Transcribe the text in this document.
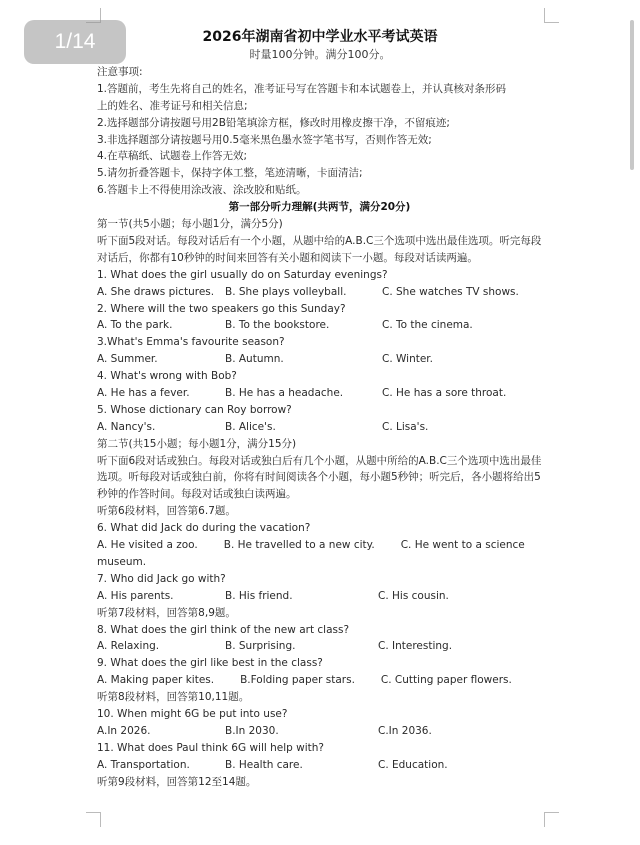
2026年湖南省初中学业水平考试英语
时量100分钟。满分100分。
注意事项:
1.答题前，考生先将自己的姓名，准考证号写在答题卡和本试题卷上，并认真核对条形码
上的姓名、准考证号和相关信息;
2.选择题部分请按题号用2B铅笔填涂方框，修改时用橡皮擦干净，不留痕迹;
3.非选择题部分请按题号用0.5毫米黑色墨水签字笔书写，否则作答无效;
4.在草稿纸、试题卷上作答无效;
5.请勿折叠答题卡，保持字体工整，笔迹清晰，卡面清洁;
6.答题卡上不得使用涂改液、涂改胶和贴纸。
第一部分听力理解(共两节，满分20分)
第一节(共5小题；每小题1分，满分5分)
听下面5段对话。每段对话后有一个小题，从题中给的A.B.C三个选项中选出最佳选项。听完每段对话后，你都有10秒钟的时间来回答有关小题和阅读下一小题。每段对话读两遍。
1. What does the girl usually do on Saturday evenings?
A. She draws pictures.	B. She plays volleyball.	C. She watches TV shows.
2. Where will the two speakers go this Sunday?
A. To the park.	B. To the bookstore.	C. To the cinema.
3.What's Emma's favourite season?
A. Summer.	B. Autumn.	C. Winter.
4. What's wrong with Bob?
A. He has a fever.	B. He has a headache.	C. He has a sore throat.
5. Whose dictionary can Roy borrow?
A. Nancy's.	B. Alice's.	C. Lisa's.
第二节(共15小题；每小题1分，满分15分)
听下面6段对话或独白。每段对话或独白后有几个小题，从题中所给的A.B.C三个选项中选出最佳选项。听每段对话或独白前，你将有时间阅读各个小题，每小题5秒钟；听完后，各小题将给出5秒钟的作答时间。每段对话或独白读两遍。
听第6段材料，回答第6.7题。
6. What did Jack do during the vacation?
A. He visited a zoo. B. He travelled to a new city. C. He went to a science museum.
7. Who did Jack go with?
A. His parents.	B. His friend.	C. His cousin.
听第7段材料，回答第8,9题。
8. What does the girl think of the new art class?
A. Relaxing.	B. Surprising.	C. Interesting.
9. What does the girl like best in the class?
A. Making paper kites. B.Folding paper stars. C. Cutting paper flowers.
听第8段材料，回答第10,11题。
10. When might 6G be put into use?
A.In 2026.	B.In 2030.	C.In 2036.
11. What does Paul think 6G will help with?
A. Transportation.	B. Health care.	C. Education.
听第9段材料，回答第12至14题。
1/14
